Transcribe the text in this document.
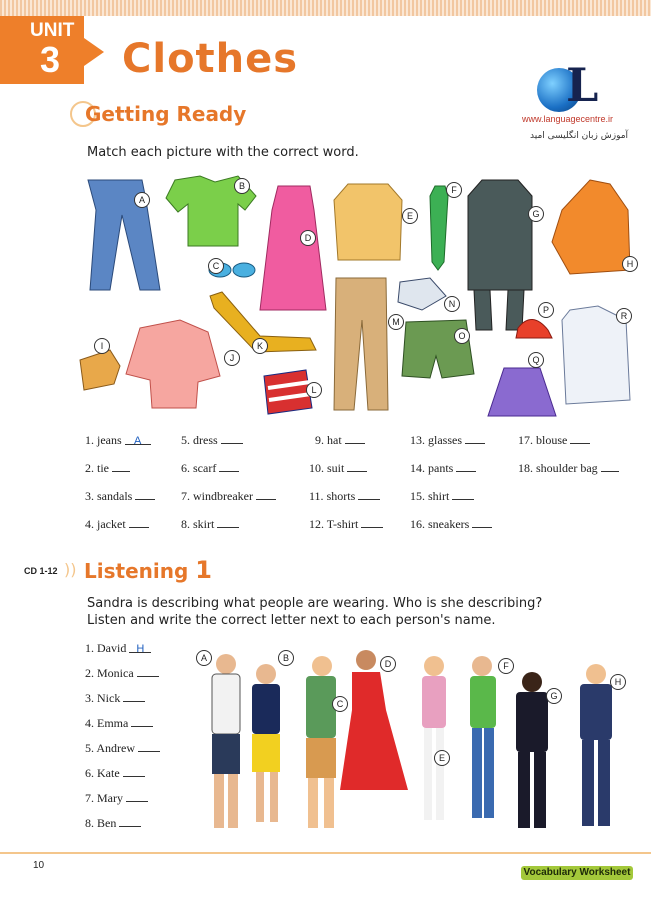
UNIT
3 Clothes	L
www.languagecentre.ir
آموزش زبان انگلیسی امید
Getting Ready
Match each picture with the correct word.
A
B
C
D
E
F
G
H
I
J
K
L
M
N
O
P
Q
R
1. jeans A
2. tie
3. sandals
4. jacket
5. dress
6. scarf
7. windbreaker
8. skirt
9. hat
10. suit
11. shorts
12. T-shirt
13. glasses
14. pants
15. shirt
16. sneakers
17. blouse
18. shoulder bag
CD 1-12 )) Listening 1
Sandra is describing what people are wearing. Who is she describing?
Listen and write the correct letter next to each person's name.
1. David H
2. Monica
3. Nick
4. Emma
5. Andrew
6. Kate
7. Mary
8. Ben
A	B
C
D
E
F
G
H
10
Vocabulary Worksheet
